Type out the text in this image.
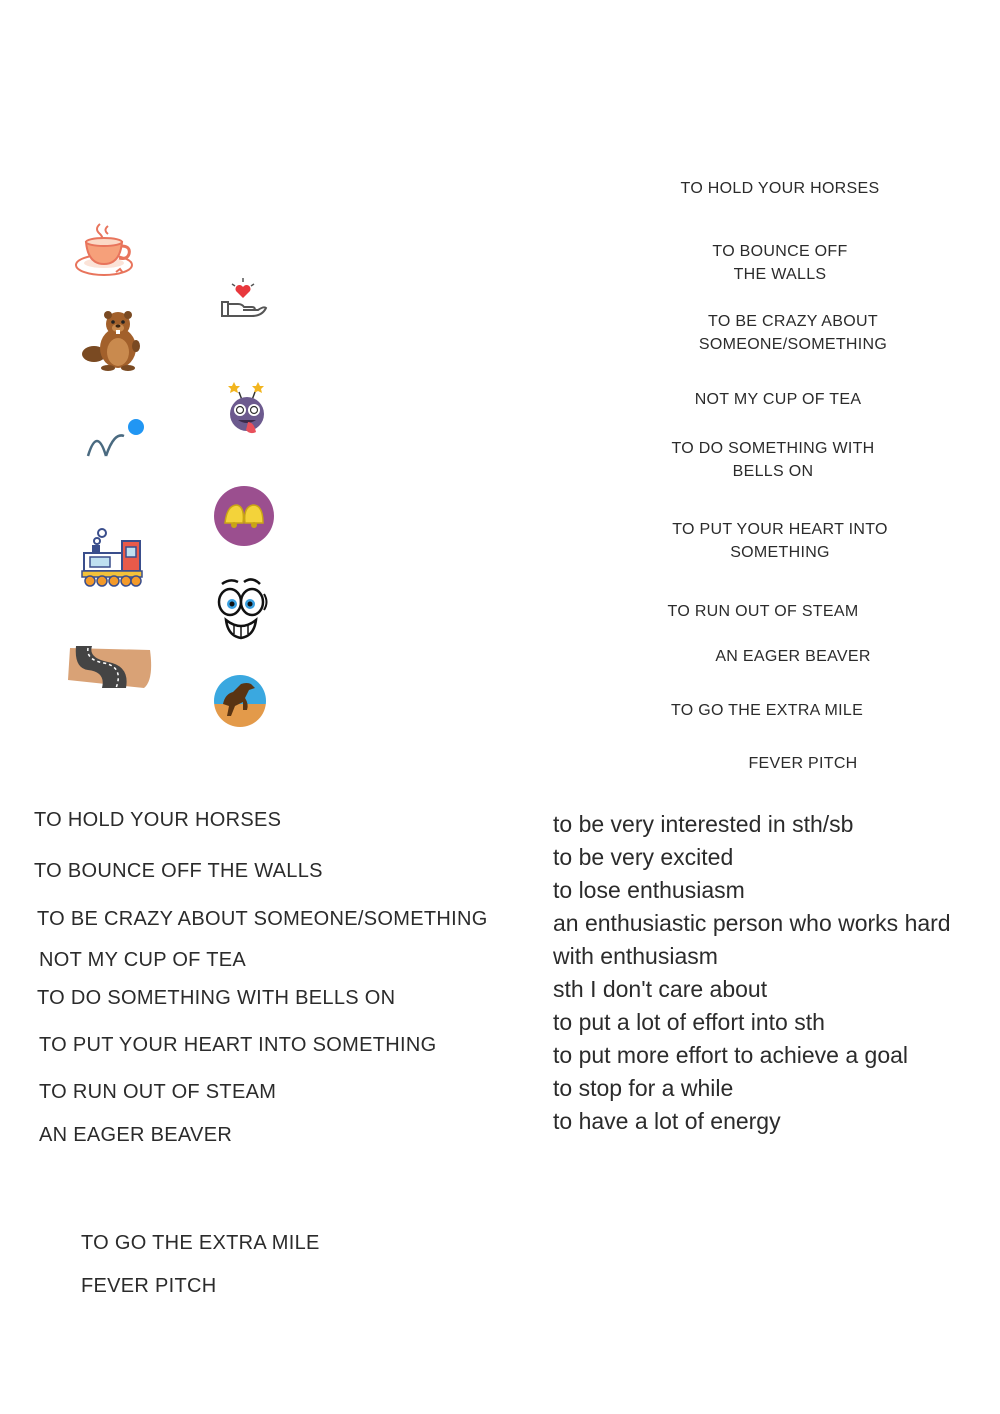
TO HOLD YOUR HORSES
TO BOUNCE OFF
THE WALLS
TO BE CRAZY ABOUT
SOMEONE/SOMETHING
NOT MY CUP OF TEA
TO DO SOMETHING WITH
BELLS ON
TO PUT YOUR HEART INTO
SOMETHING
TO RUN OUT OF STEAM
AN EAGER BEAVER
TO GO THE EXTRA MILE
FEVER PITCH
TO HOLD YOUR HORSES
TO BOUNCE OFF THE WALLS
TO BE CRAZY ABOUT SOMEONE/SOMETHING
NOT MY CUP OF TEA
TO DO SOMETHING WITH BELLS ON
TO PUT YOUR HEART INTO SOMETHING
TO RUN OUT OF STEAM
AN EAGER BEAVER
TO GO THE EXTRA MILE
FEVER PITCH
to be very interested in sth/sb
to be very excited
to lose enthusiasm
an enthusiastic person who works hard
with enthusiasm
sth I don't care about
to put a lot of effort into sth
to put more effort to achieve a goal
to stop for a while
to have a lot of energy
